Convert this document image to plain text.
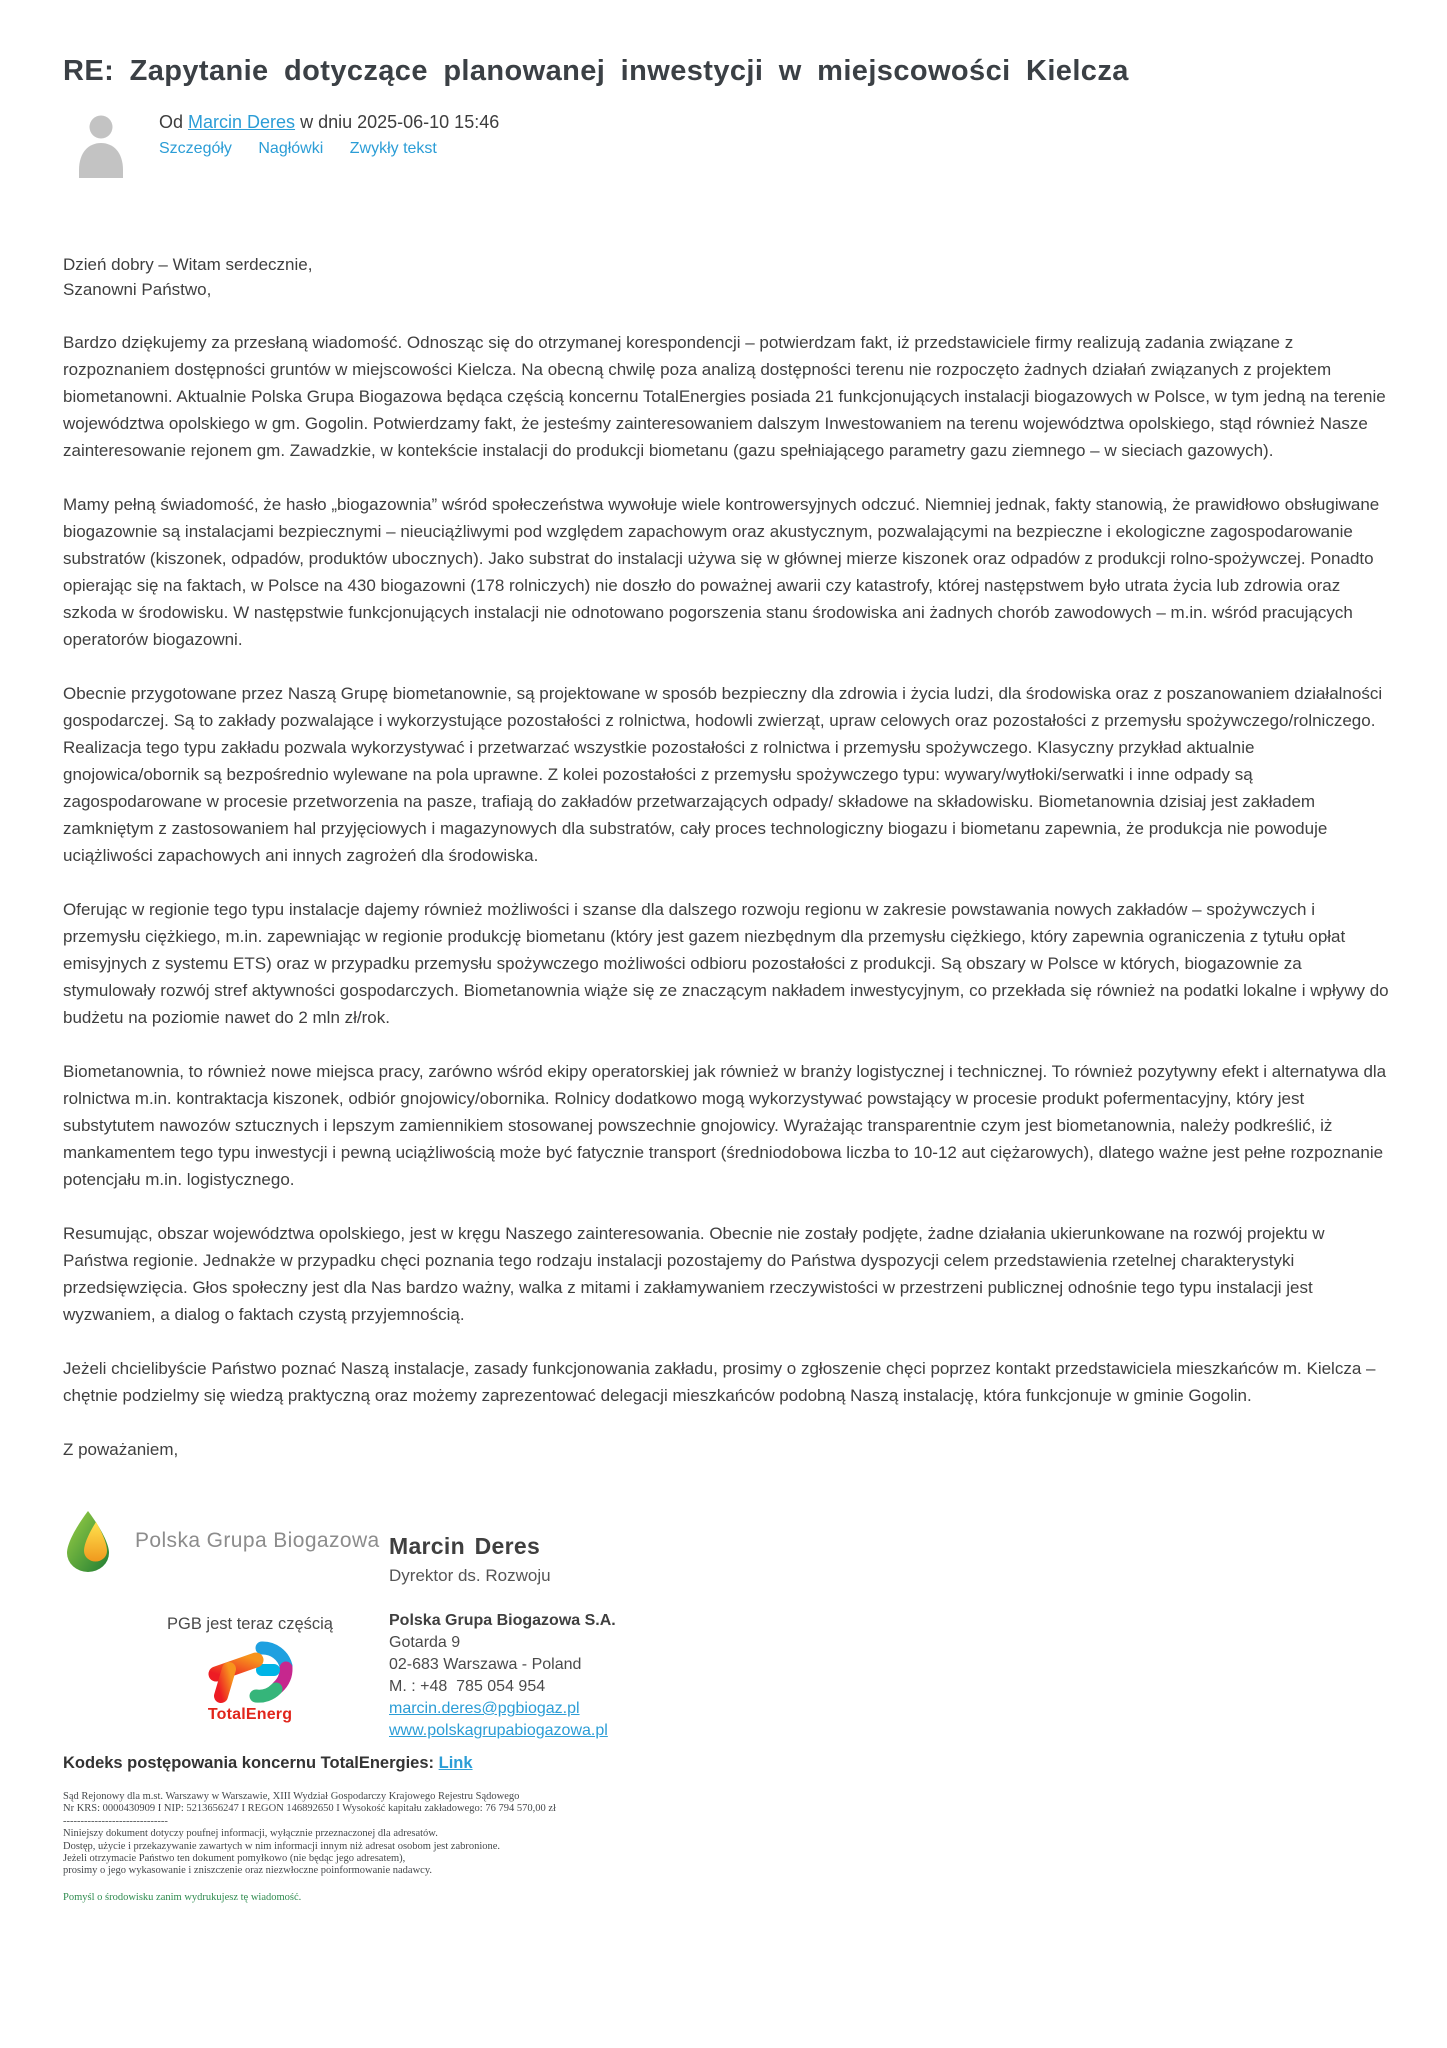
RE: Zapytanie dotyczące planowanej inwestycji w miejscowości Kielcza
Od Marcin Deres w dniu 2025-06-10 15:46
Szczegóły Nagłówki Zwykły tekst

Dzień dobry – Witam serdecznie,
Szanowni Państwo,

Bardzo dziękujemy za przesłaną wiadomość. Odnosząc się do otrzymanej korespondencji – potwierdzam fakt, iż przedstawiciele firmy realizują zadania związane z rozpoznaniem dostępności gruntów w miejscowości Kielcza. Na obecną chwilę poza analizą dostępności terenu nie rozpoczęto żadnych działań związanych z projektem biometanowni. Aktualnie Polska Grupa Biogazowa będąca częścią koncernu TotalEnergies posiada 21 funkcjonujących instalacji biogazowych w Polsce, w tym jedną na terenie województwa opolskiego w gm. Gogolin. Potwierdzamy fakt, że jesteśmy zainteresowaniem dalszym Inwestowaniem na terenu województwa opolskiego, stąd również Nasze zainteresowanie rejonem gm. Zawadzkie, w kontekście instalacji do produkcji biometanu (gazu spełniającego parametry gazu ziemnego – w sieciach gazowych).

Mamy pełną świadomość, że hasło „biogazownia” wśród społeczeństwa wywołuje wiele kontrowersyjnych odczuć. Niemniej jednak, fakty stanowią, że prawidłowo obsługiwane biogazownie są instalacjami bezpiecznymi – nieuciążliwymi pod względem zapachowym oraz akustycznym, pozwalającymi na bezpieczne i ekologiczne zagospodarowanie substratów (kiszonek, odpadów, produktów ubocznych). Jako substrat do instalacji używa się w głównej mierze kiszonek oraz odpadów z produkcji rolno-spożywczej. Ponadto opierając się na faktach, w Polsce na 430 biogazowni (178 rolniczych) nie doszło do poważnej awarii czy katastrofy, której następstwem było utrata życia lub zdrowia oraz szkoda w środowisku. W następstwie funkcjonujących instalacji nie odnotowano pogorszenia stanu środowiska ani żadnych chorób zawodowych – m.in. wśród pracujących operatorów biogazowni.

Obecnie przygotowane przez Naszą Grupę biometanownie, są projektowane w sposób bezpieczny dla zdrowia i życia ludzi, dla środowiska oraz z poszanowaniem działalności gospodarczej. Są to zakłady pozwalające i wykorzystujące pozostałości z rolnictwa, hodowli zwierząt, upraw celowych oraz pozostałości z przemysłu spożywczego/rolniczego. Realizacja tego typu zakładu pozwala wykorzystywać i przetwarzać wszystkie pozostałości z rolnictwa i przemysłu spożywczego. Klasyczny przykład aktualnie gnojowica/obornik są bezpośrednio wylewane na pola uprawne. Z kolei pozostałości z przemysłu spożywczego typu: wywary/wytłoki/serwatki i inne odpady są zagospodarowane w procesie przetworzenia na pasze, trafiają do zakładów przetwarzających odpady/ składowe na składowisku. Biometanownia dzisiaj jest zakładem zamkniętym z zastosowaniem hal przyjęciowych i magazynowych dla substratów, cały proces technologiczny biogazu i biometanu zapewnia, że produkcja nie powoduje uciążliwości zapachowych ani innych zagrożeń dla środowiska.

Oferując w regionie tego typu instalacje dajemy również możliwości i szanse dla dalszego rozwoju regionu w zakresie powstawania nowych zakładów – spożywczych i przemysłu ciężkiego, m.in. zapewniając w regionie produkcję biometanu (który jest gazem niezbędnym dla przemysłu ciężkiego, który zapewnia ograniczenia z tytułu opłat emisyjnych z systemu ETS) oraz w przypadku przemysłu spożywczego możliwości odbioru pozostałości z produkcji. Są obszary w Polsce w których, biogazownie za stymulowały rozwój stref aktywności gospodarczych. Biometanownia wiąże się ze znaczącym nakładem inwestycyjnym, co przekłada się również na podatki lokalne i wpływy do budżetu na poziomie nawet do 2 mln zł/rok.

Biometanownia, to również nowe miejsca pracy, zarówno wśród ekipy operatorskiej jak również w branży logistycznej i technicznej. To również pozytywny efekt i alternatywa dla rolnictwa m.in. kontraktacja kiszonek, odbiór gnojowicy/obornika. Rolnicy dodatkowo mogą wykorzystywać powstający w procesie produkt pofermentacyjny, który jest substytutem nawozów sztucznych i lepszym zamiennikiem stosowanej powszechnie gnojowicy. Wyrażając transparentnie czym jest biometanownia, należy podkreślić, iż mankamentem tego typu inwestycji i pewną uciążliwością może być fatycznie transport (średniodobowa liczba to 10-12 aut ciężarowych), dlatego ważne jest pełne rozpoznanie potencjału m.in. logistycznego.

Resumując, obszar województwa opolskiego, jest w kręgu Naszego zainteresowania. Obecnie nie zostały podjęte, żadne działania ukierunkowane na rozwój projektu w Państwa regionie. Jednakże w przypadku chęci poznania tego rodzaju instalacji pozostajemy do Państwa dyspozycji celem przedstawienia rzetelnej charakterystyki przedsięwzięcia. Głos społeczny jest dla Nas bardzo ważny, walka z mitami i zakłamywaniem rzeczywistości w przestrzeni publicznej odnośnie tego typu instalacji jest wyzwaniem, a dialog o faktach czystą przyjemnością.

Jeżeli chcielibyście Państwo poznać Naszą instalacje, zasady funkcjonowania zakładu, prosimy o zgłoszenie chęci poprzez kontakt przedstawiciela mieszkańców m. Kielcza – chętnie podzielmy się wiedzą praktyczną oraz możemy zaprezentować delegacji mieszkańców podobną Naszą instalację, która funkcjonuje w gminie Gogolin.

Z poważaniem,

Polska Grupa Biogazowa
PGB jest teraz częścią
TotalEnerg
Marcin Deres
Dyrektor ds. Rozwoju
Polska Grupa Biogazowa S.A.
Gotarda 9
02-683 Warszawa - Poland
M. : +48  785 054 954
marcin.deres@pgbiogaz.pl
www.polskagrupabiogazowa.pl
Kodeks postępowania koncernu TotalEnergies: Link
Sąd Rejonowy dla m.st. Warszawy w Warszawie, XIII Wydział Gospodarczy Krajowego Rejestru Sądowego
Nr KRS: 0000430909 I NIP: 5213656247 I REGON 146892650 I Wysokość kapitału zakładowego: 76 794 570,00 zł
------------------------------
Niniejszy dokument dotyczy poufnej informacji, wyłącznie przeznaczonej dla adresatów.
Dostęp, użycie i przekazywanie zawartych w nim informacji innym niż adresat osobom jest zabronione.
Jeżeli otrzymacie Państwo ten dokument pomyłkowo (nie będąc jego adresatem),
prosimy o jego wykasowanie i zniszczenie oraz niezwłoczne poinformowanie nadawcy.
Pomyśl o środowisku zanim wydrukujesz tę wiadomość.
